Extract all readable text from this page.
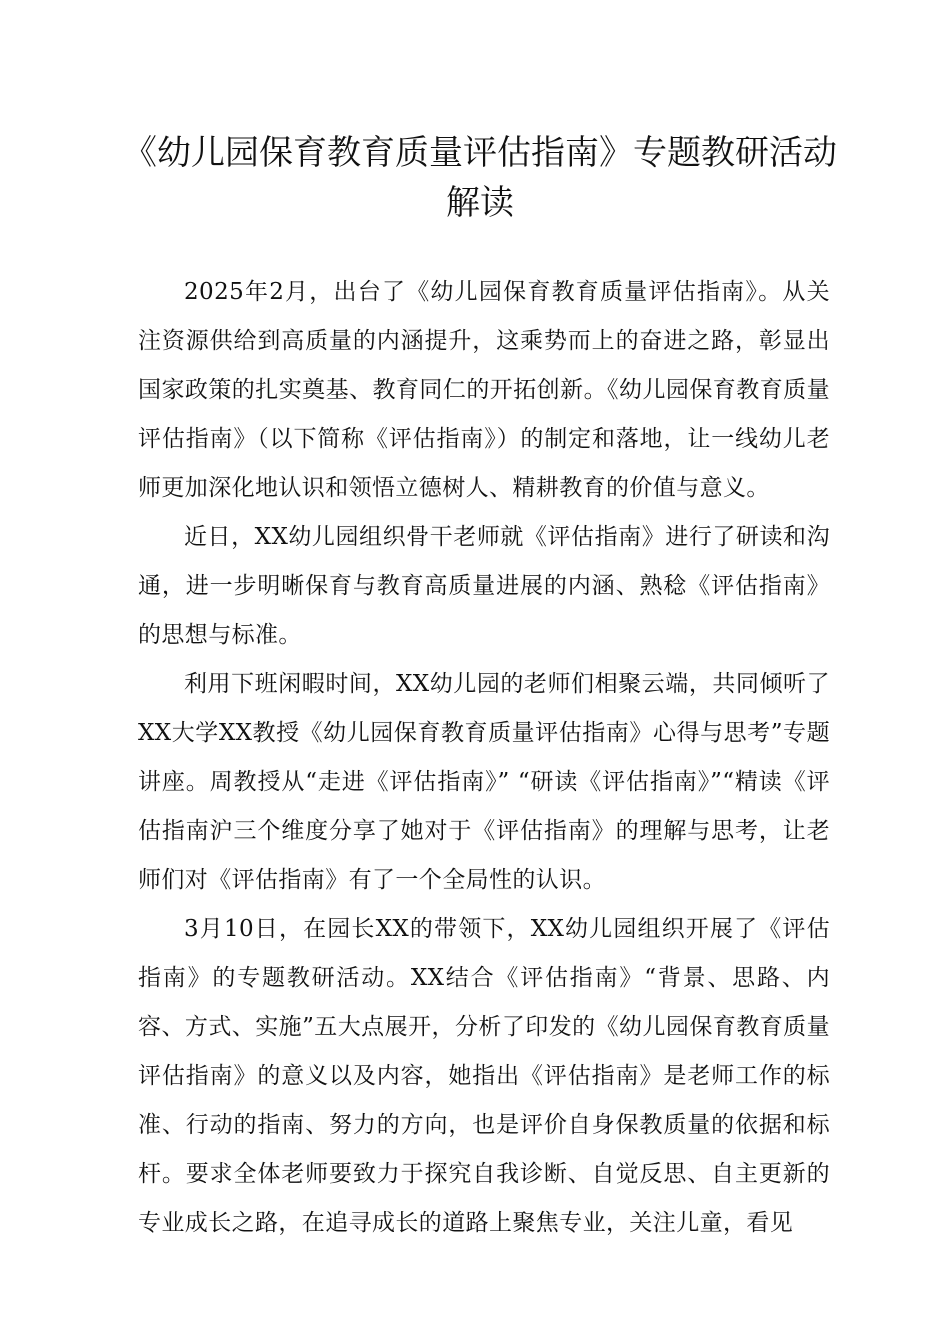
《幼儿园保育教育质量评估指南》专题教研活动解读

2025年2月，出台了《幼儿园保育教育质量评估指南》。从关注资源供给到高质量的内涵提升，这乘势而上的奋进之路，彰显出国家政策的扎实奠基、教育同仁的开拓创新。《幼儿园保育教育质量评估指南》（以下简称《评估指南》）的制定和落地，让一线幼儿老师更加深化地认识和领悟立德树人、精耕教育的价值与意义。

近日，XX幼儿园组织骨干老师就《评估指南》进行了研读和沟通，进一步明晰保育与教育高质量进展的内涵、熟稔《评估指南》的思想与标准。

利用下班闲暇时间，XX幼儿园的老师们相聚云端，共同倾听了XX大学XX教授《幼儿园保育教育质量评估指南》心得与思考”专题讲座。周教授从“走进《评估指南》” “研读《评估指南》”“精读《评估指南沪三个维度分享了她对于《评估指南》的理解与思考，让老师们对《评估指南》有了一个全局性的认识。

3月10日，在园长XX的带领下，XX幼儿园组织开展了《评估指南》的专题教研活动。XX结合《评估指南》“背景、思路、内容、方式、实施”五大点展开，分析了印发的《幼儿园保育教育质量评估指南》的意义以及内容，她指出《评估指南》是老师工作的标准、行动的指南、努力的方向，也是评价自身保教质量的依据和标杆。要求全体老师要致力于探究自我诊断、自觉反思、自主更新的专业成长之路，在追寻成长的道路上聚焦专业，关注儿童，看见
